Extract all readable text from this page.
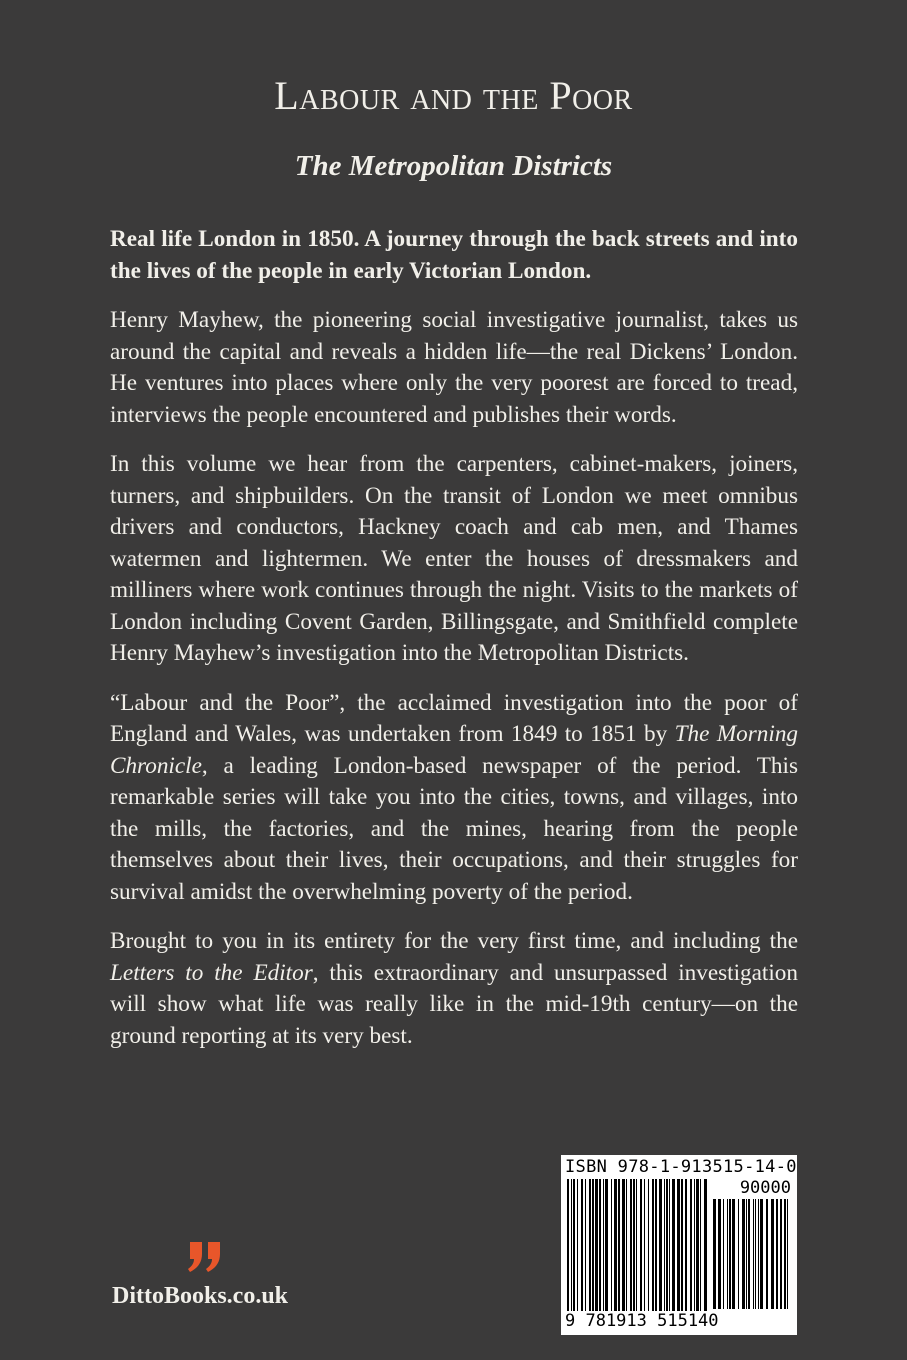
Labour and the Poor
The Metropolitan Districts

Real life London in 1850. A journey through the back streets and into the lives of the people in early Victorian London.

Henry Mayhew, the pioneering social investigative journalist, takes us around the capital and reveals a hidden life—the real Dickens’ London. He ventures into places where only the very poorest are forced to tread, interviews the people encountered and publishes their words.

In this volume we hear from the carpenters, cabinet-makers, joiners, turners, and shipbuilders. On the transit of London we meet omnibus drivers and conductors, Hackney coach and cab men, and Thames watermen and lightermen. We enter the houses of dressmakers and milliners where work continues through the night. Visits to the markets of London including Covent Garden, Billingsgate, and Smithfield complete Henry Mayhew’s investigation into the Metropolitan Districts.

“Labour and the Poor”, the acclaimed investigation into the poor of England and Wales, was undertaken from 1849 to 1851 by The Morning Chronicle, a leading London-based newspaper of the period. This remarkable series will take you into the cities, towns, and villages, into the mills, the factories, and the mines, hearing from the people themselves about their lives, their occupations, and their struggles for survival amidst the overwhelming poverty of the period.

Brought to you in its entirety for the very first time, and including the Letters to the Editor, this extraordinary and unsurpassed investigation will show what life was really like in the mid-19th century—on the ground reporting at its very best.

ISBN 978-1-913515-14-0
90000
9 781913 515140
DittoBooks.co.uk
